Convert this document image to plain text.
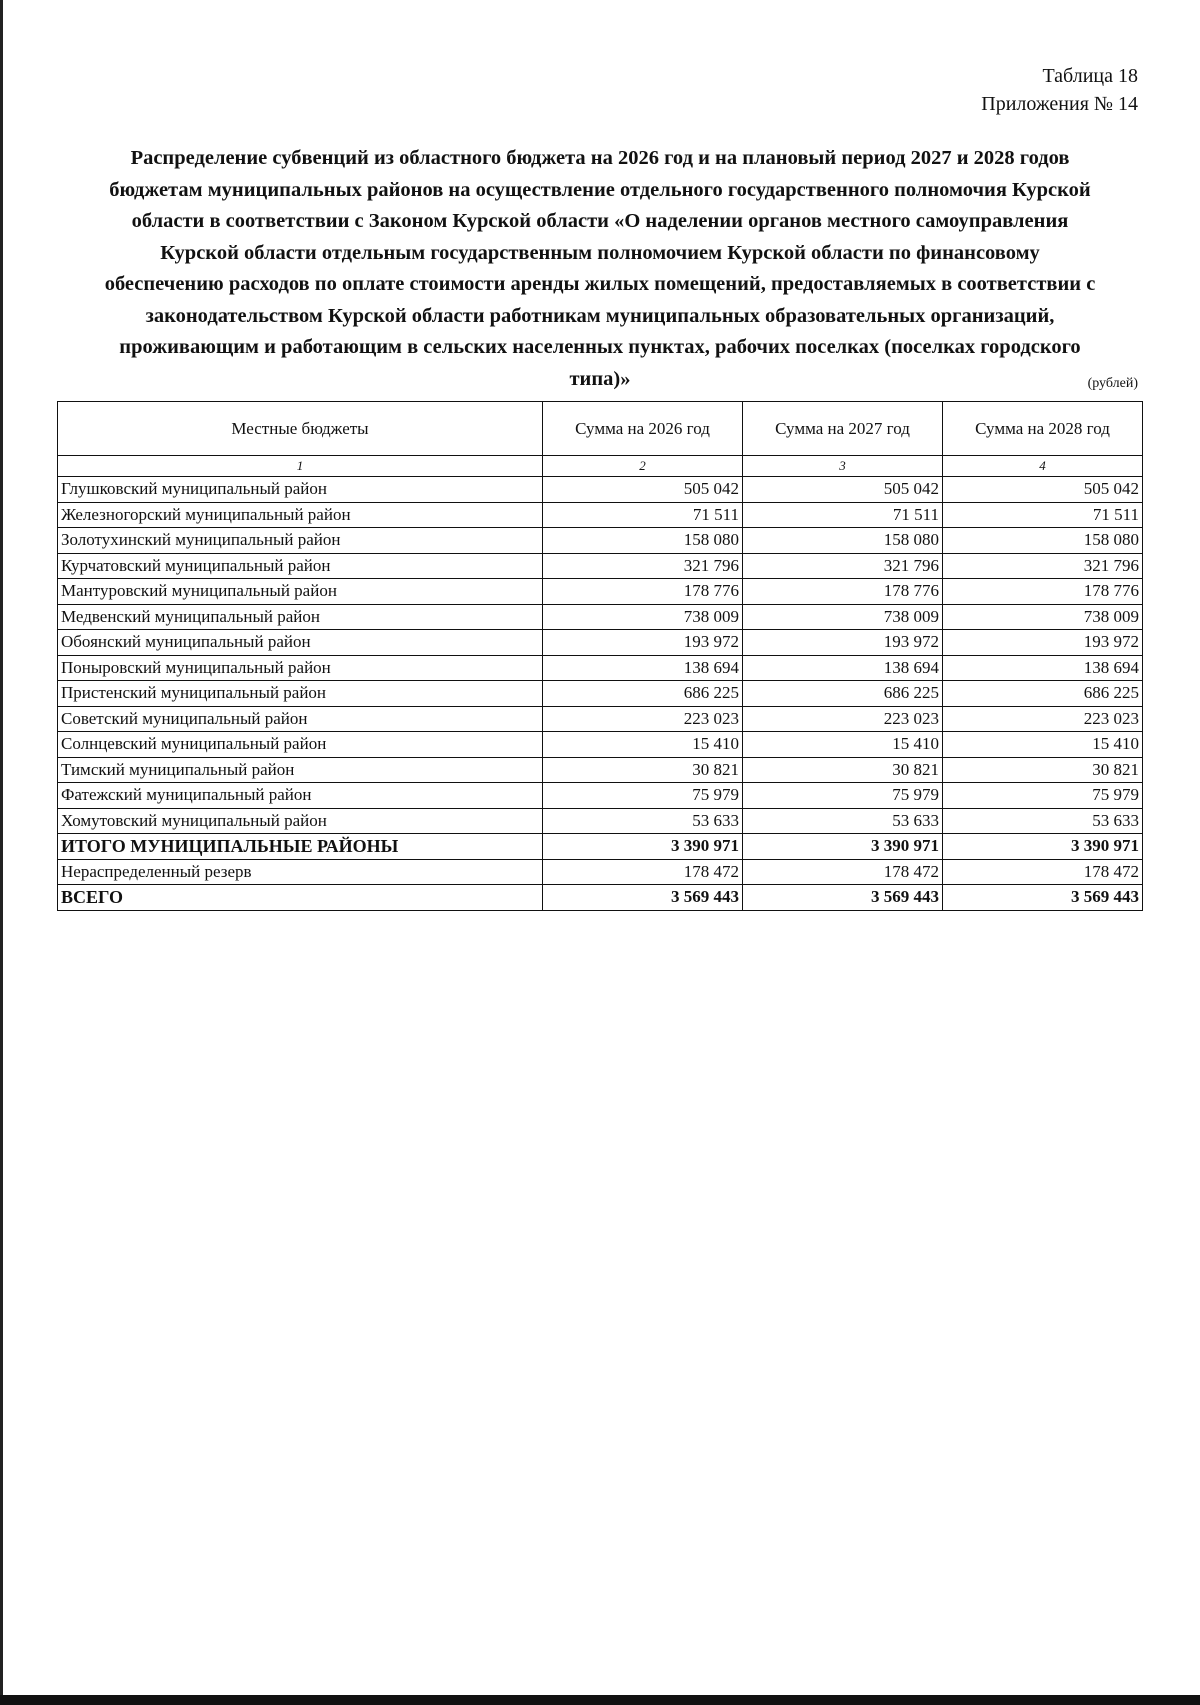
Таблица 18
Приложения № 14
Распределение субвенций из областного бюджета на 2026 год и на плановый период 2027 и 2028 годов
бюджетам муниципальных районов на осуществление отдельного государственного полномочия Курской
области в соответствии с Законом Курской области «О наделении органов местного самоуправления
Курской области отдельным государственным полномочием Курской области по финансовому
обеспечению расходов по оплате стоимости аренды жилых помещений, предоставляемых в соответствии с
законодательством Курской области работникам муниципальных образовательных организаций,
проживающим и работающим в сельских населенных пунктах, рабочих поселках (поселках городского
типа)»	(рублей)
Местные бюджеты	Сумма на 2026 год	Сумма на 2027 год	Сумма на 2028 год
1	2	3	4
Глушковский муниципальный район	505 042	505 042	505 042
Железногорский муниципальный район	71 511	71 511	71 511
Золотухинский муниципальный район	158 080	158 080	158 080
Курчатовский муниципальный район	321 796	321 796	321 796
Мантуровский муниципальный район	178 776	178 776	178 776
Медвенский муниципальный район	738 009	738 009	738 009
Обоянский муниципальный район	193 972	193 972	193 972
Поныровский муниципальный район	138 694	138 694	138 694
Пристенский муниципальный район	686 225	686 225	686 225
Советский муниципальный район	223 023	223 023	223 023
Солнцевский муниципальный район	15 410	15 410	15 410
Тимский муниципальный район	30 821	30 821	30 821
Фатежский муниципальный район	75 979	75 979	75 979
Хомутовский муниципальный район	53 633	53 633	53 633
ИТОГО МУНИЦИПАЛЬНЫЕ РАЙОНЫ	3 390 971	3 390 971	3 390 971
Нераспределенный резерв	178 472	178 472	178 472
ВСЕГО	3 569 443	3 569 443	3 569 443
